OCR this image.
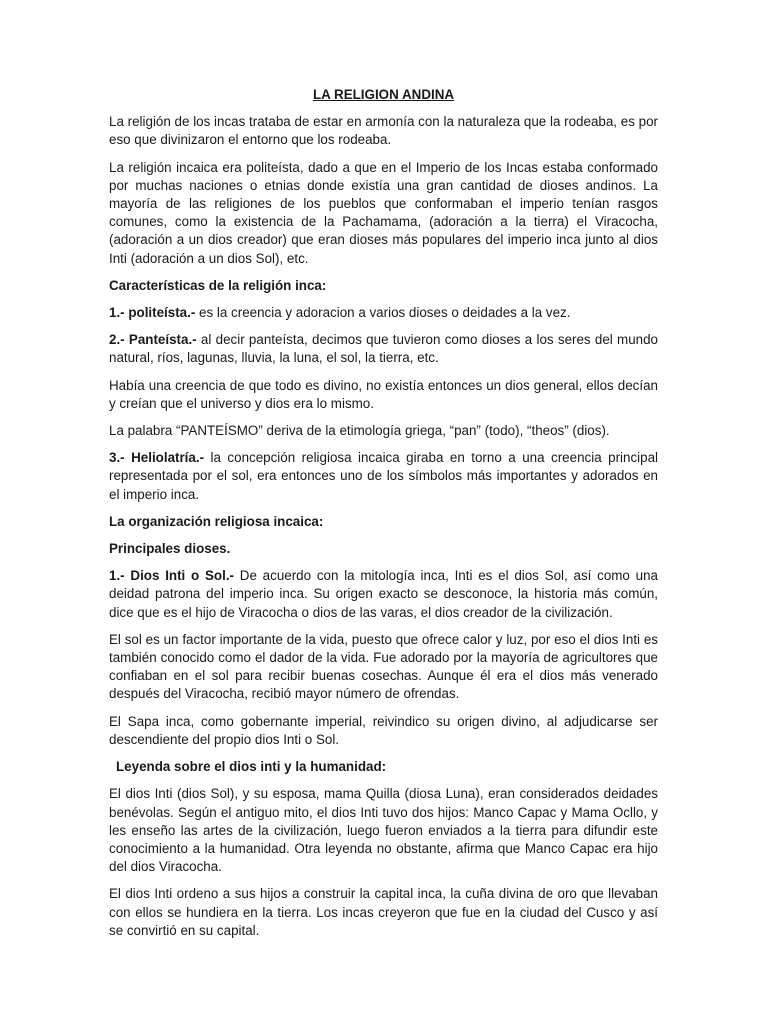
LA RELIGION ANDINA

La religión de los incas trataba de estar en armonía con la naturaleza que la rodeaba, es por eso que divinizaron el entorno que los rodeaba.

La religión incaica era politeísta, dado a que en el Imperio de los Incas estaba conformado por muchas naciones o etnias donde existía una gran cantidad de dioses andinos. La mayoría de las religiones de los pueblos que conformaban el imperio tenían rasgos comunes, como la existencia de la Pachamama, (adoración a la tierra) el Viracocha, (adoración a un dios creador) que eran dioses más populares del imperio inca junto al dios Inti (adoración a un dios Sol), etc.

Características de la religión inca:

1.- politeísta.- es la creencia y adoracion a varios dioses o deidades a la vez.

2.- Panteísta.- al decir panteísta, decimos que tuvieron como dioses a los seres del mundo natural, ríos, lagunas, lluvia, la luna, el sol, la tierra, etc.

Había una creencia de que todo es divino, no existía entonces un dios general, ellos decían y creían que el universo y dios era lo mismo.

La palabra “PANTEÍSMO” deriva de la etimología griega, “pan” (todo), “theos” (dios).

3.- Heliolatría.- la concepción religiosa incaica giraba en torno a una creencia principal representada por el sol, era entonces uno de los símbolos más importantes y adorados en el imperio inca.

La organización religiosa incaica:
Principales dioses.

1.- Dios Inti o Sol.- De acuerdo con la mitología inca, Inti es el dios Sol, así como una deidad patrona del imperio inca. Su origen exacto se desconoce, la historia más común, dice que es el hijo de Viracocha o dios de las varas, el dios creador de la civilización.

El sol es un factor importante de la vida, puesto que ofrece calor y luz, por eso el dios Inti es también conocido como el dador de la vida. Fue adorado por la mayoría de agricultores que confiaban en el sol para recibir buenas cosechas. Aunque él era el dios más venerado después del Viracocha, recibió mayor número de ofrendas.

El Sapa inca, como gobernante imperial, reivindico su origen divino, al adjudicarse ser descendiente del propio dios Inti o Sol.

Leyenda sobre el dios inti y la humanidad:

El dios Inti (dios Sol), y su esposa, mama Quilla (diosa Luna), eran considerados deidades benévolas. Según el antiguo mito, el dios Inti tuvo dos hijos: Manco Capac y Mama Ocllo, y les enseño las artes de la civilización, luego fueron enviados a la tierra para difundir este conocimiento a la humanidad. Otra leyenda no obstante, afirma que Manco Capac era hijo del dios Viracocha.

El dios Inti ordeno a sus hijos a construir la capital inca, la cuña divina de oro que llevaban con ellos se hundiera en la tierra. Los incas creyeron que fue en la ciudad del Cusco y así se convirtió en su capital.
